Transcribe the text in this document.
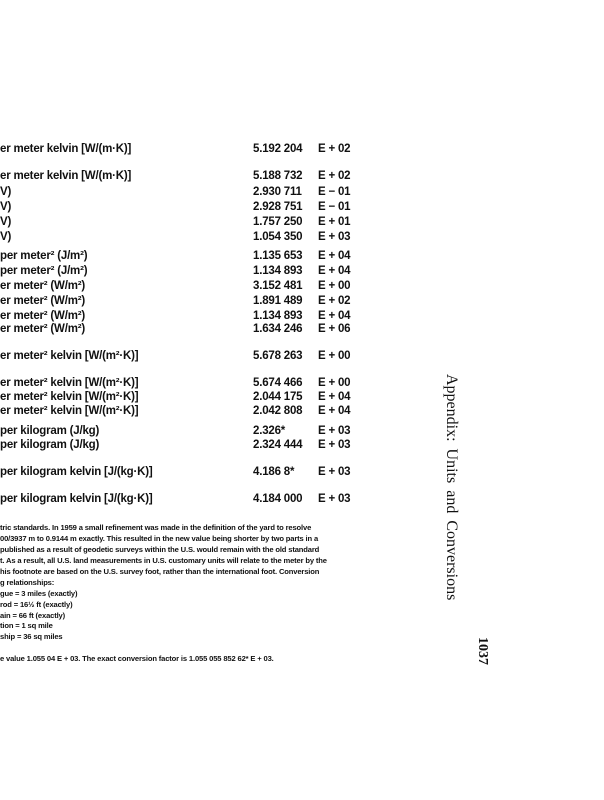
er meter kelvin [W/(m·K)]	5.192 204 E + 02
er meter kelvin [W/(m·K)]	5.188 732 E + 02
V)	2.930 711 E − 01
V)	2.928 751 E − 01
V)	1.757 250 E + 01
V)	1.054 350 E + 03
per meter² (J/m²)	1.135 653 E + 04
per meter² (J/m²)	1.134 893 E + 04
er meter² (W/m²)	3.152 481 E + 00
er meter² (W/m²)	1.891 489 E + 02
er meter² (W/m²)	1.134 893 E + 04
er meter² (W/m²)	1.634 246 E + 06
er meter² kelvin [W/(m²·K)]	5.678 263 E + 00
er meter² kelvin [W/(m²·K)]	5.674 466 E + 00
er meter² kelvin [W/(m²·K)]	2.044 175 E + 04
er meter² kelvin [W/(m²·K)]	2.042 808 E + 04
per kilogram (J/kg)	2.326*	E + 03
per kilogram (J/kg)	2.324 444 E + 03
per kilogram kelvin [J/(kg·K)]	4.186 8* E + 03
per kilogram kelvin [J/(kg·K)]	4.184 000 E + 03
tric standards. In 1959 a small refinement was made in the definition of the yard to resolve
00/3937 m to 0.9144 m exactly. This resulted in the new value being shorter by two parts in a
published as a result of geodetic surveys within the U.S. would remain with the old standard
t. As a result, all U.S. land measurements in U.S. customary units will relate to the meter by the
his footnote are based on the U.S. survey foot, rather than the international foot. Conversion
g relationships:
gue = 3 miles (exactly)
rod = 16½ ft (exactly)
ain = 66 ft (exactly)
tion = 1 sq mile
ship = 36 sq miles
e value 1.055 04 E + 03. The exact conversion factor is 1.055 055 852 62* E + 03.
Appendix: Units and Conversions
1037
